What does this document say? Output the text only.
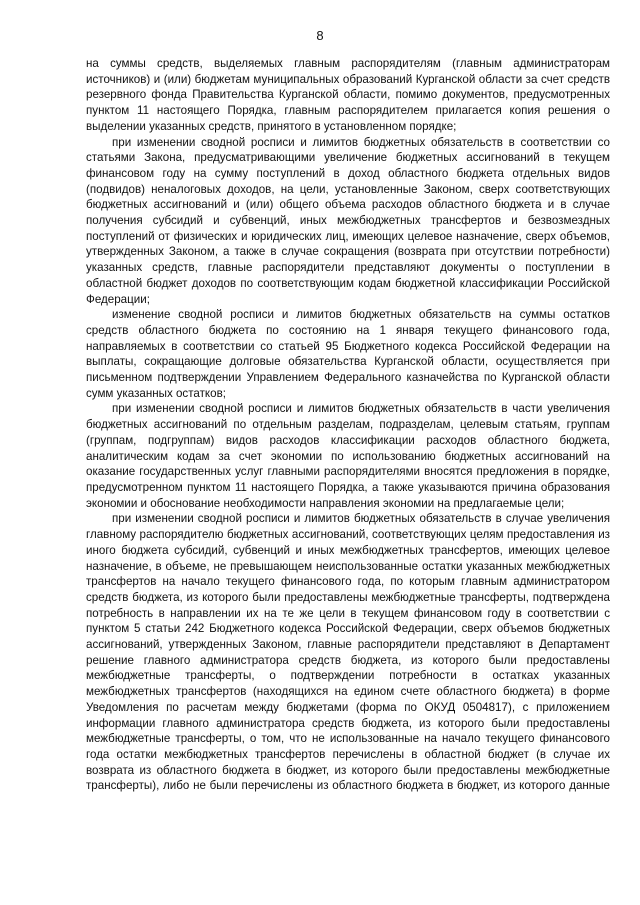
8

на суммы средств, выделяемых главным распорядителям (главным администраторам источников) и (или) бюджетам муниципальных образований Курганской области за счет средств резервного фонда Правительства Курганской области, помимо документов, предусмотренных пунктом 11 настоящего Порядка, главным распорядителем прилагается копия решения о выделении указанных средств, принятого в установленном порядке;

при изменении сводной росписи и лимитов бюджетных обязательств в соответствии со статьями Закона, предусматривающими увеличение бюджетных ассигнований в текущем финансовом году на сумму поступлений в доход областного бюджета отдельных видов (подвидов) неналоговых доходов, на цели, установленные Законом, сверх соответствующих бюджетных ассигнований и (или) общего объема расходов областного бюджета и в случае получения субсидий и субвенций, иных межбюджетных трансфертов и безвозмездных поступлений от физических и юридических лиц, имеющих целевое назначение, сверх объемов, утвержденных Законом, а также в случае сокращения (возврата при отсутствии потребности) указанных средств, главные распорядители представляют документы о поступлении в областной бюджет доходов по соответствующим кодам бюджетной классификации Российской Федерации;

изменение сводной росписи и лимитов бюджетных обязательств на суммы остатков средств областного бюджета по состоянию на 1 января текущего финансового года, направляемых в соответствии со статьей 95 Бюджетного кодекса Российской Федерации на выплаты, сокращающие долговые обязательства Курганской области, осуществляется при письменном подтверждении Управлением Федерального казначейства по Курганской области сумм указанных остатков;

при изменении сводной росписи и лимитов бюджетных обязательств в части увеличения бюджетных ассигнований по отдельным разделам, подразделам, целевым статьям, группам (группам, подгруппам) видов расходов классификации расходов областного бюджета, аналитическим кодам за счет экономии по использованию бюджетных ассигнований на оказание государственных услуг главными распорядителями вносятся предложения в порядке, предусмотренном пунктом 11 настоящего Порядка, а также указываются причина образования экономии и обоснование необходимости направления экономии на предлагаемые цели;

при изменении сводной росписи и лимитов бюджетных обязательств в случае увеличения главному распорядителю бюджетных ассигнований, соответствующих целям предоставления из иного бюджета субсидий, субвенций и иных межбюджетных трансфертов, имеющих целевое назначение, в объеме, не превышающем неиспользованные остатки указанных межбюджетных трансфертов на начало текущего финансового года, по которым главным администратором средств бюджета, из которого были предоставлены межбюджетные трансферты, подтверждена потребность в направлении их на те же цели в текущем финансовом году в соответствии с пунктом 5 статьи 242 Бюджетного кодекса Российской Федерации, сверх объемов бюджетных ассигнований, утвержденных Законом, главные распорядители представляют в Департамент решение главного администратора средств бюджета, из которого были предоставлены межбюджетные трансферты, о подтверждении потребности в остатках указанных межбюджетных трансфертов (находящихся на едином счете областного бюджета) в форме Уведомления по расчетам между бюджетами (форма по ОКУД 0504817), с приложением информации главного администратора средств бюджета, из которого были предоставлены межбюджетные трансферты, о том, что не использованные на начало текущего финансового года остатки межбюджетных трансфертов перечислены в областной бюджет (в случае их возврата из областного бюджета в бюджет, из которого были предоставлены межбюджетные трансферты), либо не были перечислены из областного бюджета в бюджет, из которого данные
